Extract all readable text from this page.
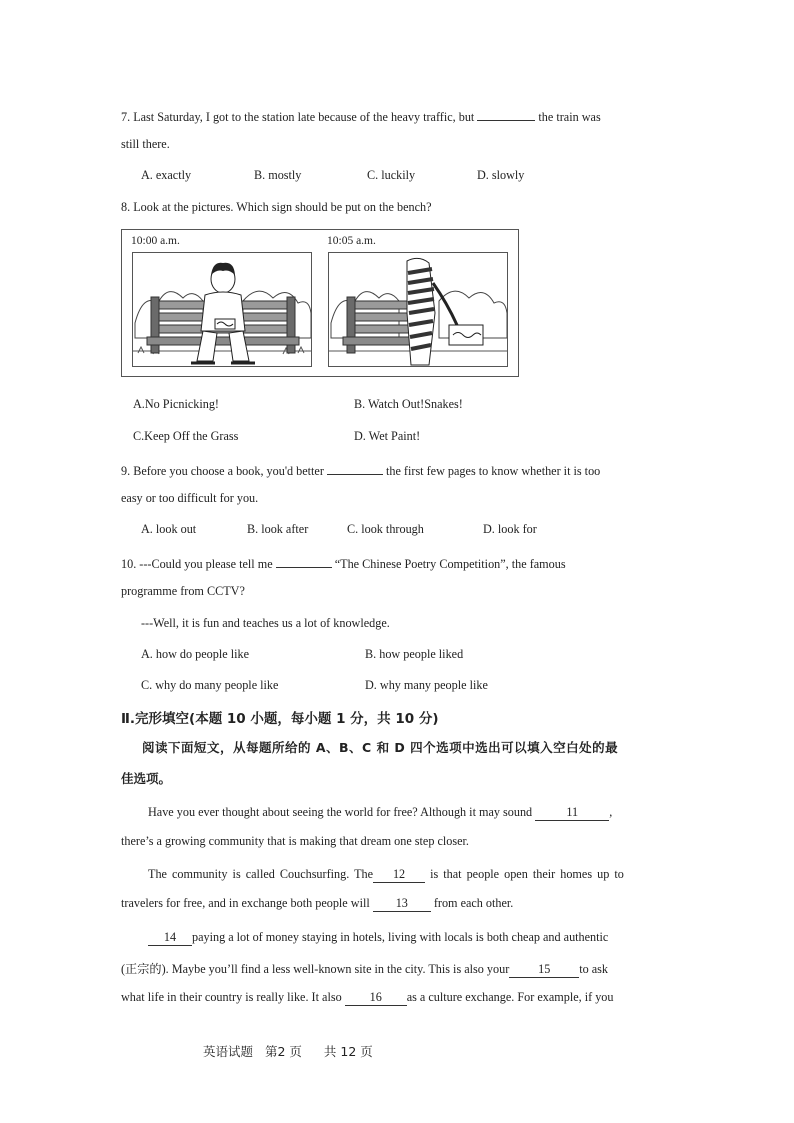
7. Last Saturday, I got to the station late because of the heavy traffic, but	the train was
still there.
A. exactly	B. mostly	C. luckily	D. slowly
8. Look at the pictures. Which sign should be put on the bench?
10:00 a.m.	10:05 a.m.
A.No Picnicking!	B. Watch Out!Snakes!
C.Keep Off the Grass	D. Wet Paint!
9. Before you choose a book, you'd better	the first few pages to know whether it is too
easy or too difficult for you.
A. look out	B. look after	C. look through	D. look for
10. ---Could you please tell me	“The Chinese Poetry Competition”, the famous
programme from CCTV?
---Well, it is fun and teaches us a lot of knowledge.
A. how do people like	B. how people liked
C. why do many people like	D. why many people like
Ⅱ.完形填空(本题 10 小题，每小题 1 分，共 10 分)
阅读下面短文，从每题所给的 A、B、C 和 D 四个选项中选出可以填入空白处的最
佳选项。
Have you ever thought about seeing the world for free? Although it may sound	11	,
there’s a growing community that is making that dream one step closer.
The community is called Couchsurfing. The 12 is that people open their homes up to
travelers for free, and in exchange both people will 13 from each other.
14 paying a lot of money staying in hotels, living with locals is both cheap and authentic
(正宗的). Maybe you’ll find a less well-known site in the city. This is also your 15 to ask
what life in their country is really like. It also 16 as a culture exchange. For example, if you
英语试题 第2 页 共 12 页
